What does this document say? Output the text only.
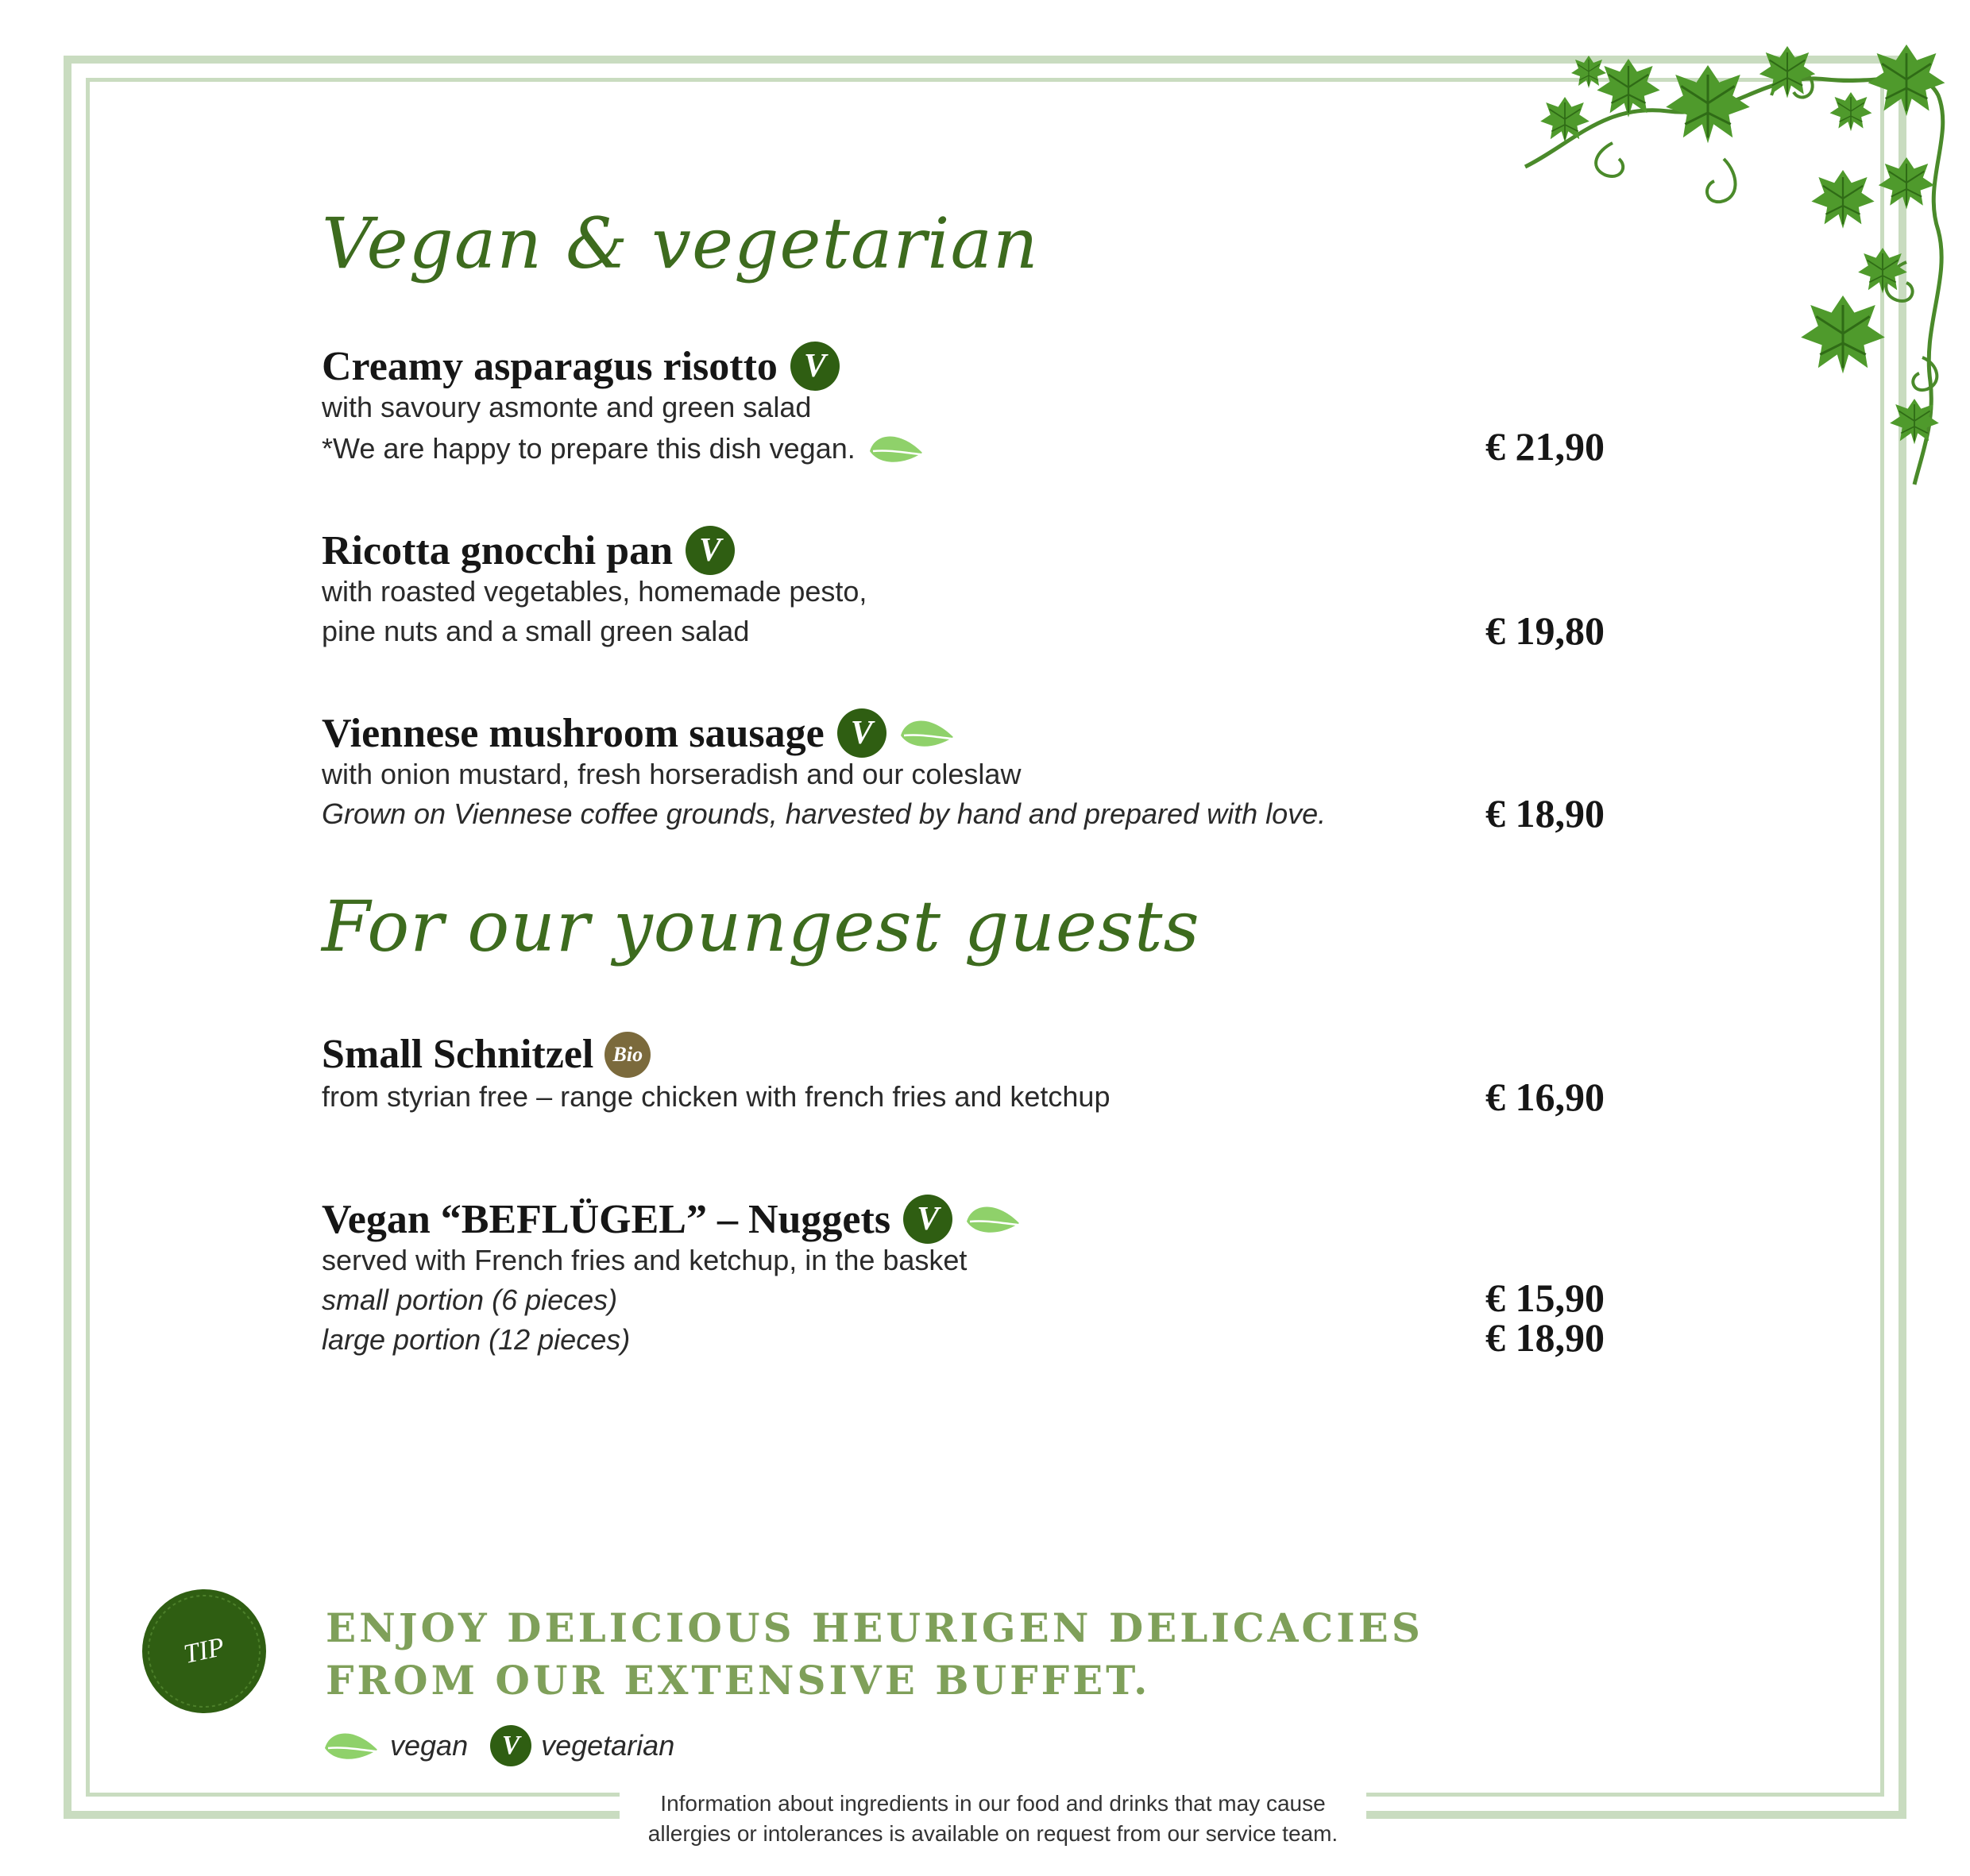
Vegan & vegetarian
Creamy asparagus risotto V
with savoury asmonte and green salad
*We are happy to prepare this dish vegan.	€ 21,90
Ricotta gnocchi pan V
with roasted vegetables, homemade pesto,
pine nuts and a small green salad	€ 19,80
Viennese mushroom sausage V
with onion mustard, fresh horseradish and our coleslaw
Grown on Viennese coffee grounds, harvested by hand and prepared with love.	€ 18,90
For our youngest guests
Small Schnitzel Bio
from styrian free – range chicken with french fries and ketchup	€ 16,90
Vegan “BEFLÜGEL” – Nuggets V
served with French fries and ketchup, in the basket
small portion (6 pieces)	€ 15,90
large portion (12 pieces)	€ 18,90
TIP	ENJOY DELICIOUS HEURIGEN DELICACIES
FROM OUR EXTENSIVE BUFFET.
vegan	V vegetarian
Information about ingredients in our food and drinks that may cause
allergies or intolerances is available on request from our service team.
